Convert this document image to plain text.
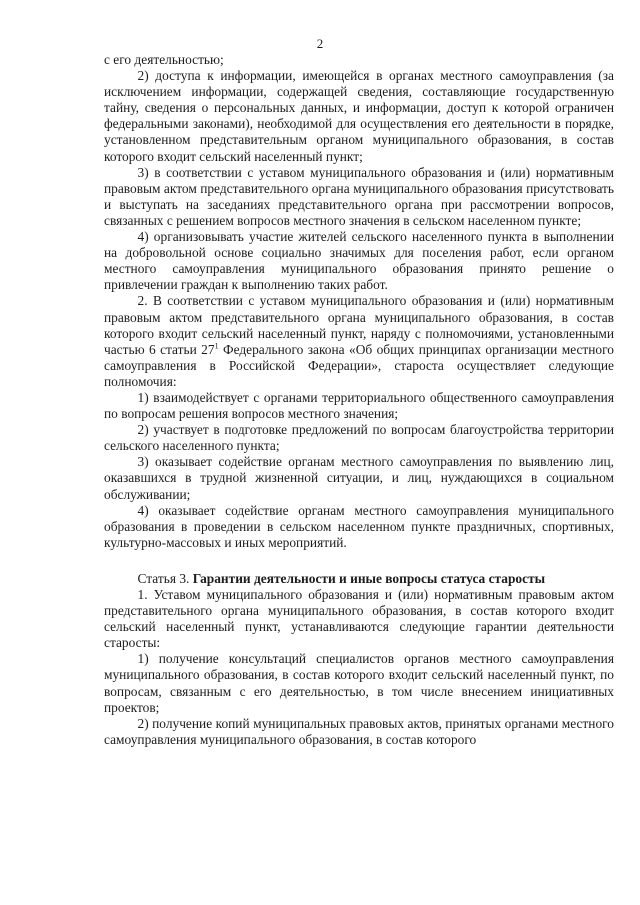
2

с его деятельностью;

2) доступа к информации, имеющейся в органах местного самоуправления (за исключением информации, содержащей сведения, составляющие государственную тайну, сведения о персональных данных, и информации, доступ к которой ограничен федеральными законами), необходимой для осуществления его деятельности в порядке, установленном представительным органом муниципального образования, в состав которого входит сельский населенный пункт;

3) в соответствии с уставом муниципального образования и (или) нормативным правовым актом представительного органа муниципального образования присутствовать и выступать на заседаниях представительного органа при рассмотрении вопросов, связанных с решением вопросов местного значения в сельском населенном пункте;

4) организовывать участие жителей сельского населенного пункта в выполнении на добровольной основе социально значимых для поселения работ, если органом местного самоуправления муниципального образования принято решение о привлечении граждан к выполнению таких работ.

2. В соответствии с уставом муниципального образования и (или) нормативным правовым актом представительного органа муниципального образования, в состав которого входит сельский населенный пункт, наряду с полномочиями, установленными частью 6 статьи $27^1$ Федерального закона «Об общих принципах организации местного самоуправления в Российской Федерации», староста осуществляет следующие полномочия:

1) взаимодействует с органами территориального общественного самоуправления по вопросам решения вопросов местного значения;

2) участвует в подготовке предложений по вопросам благоустройства территории сельского населенного пункта;

3) оказывает содействие органам местного самоуправления по выявлению лиц, оказавшихся в трудной жизненной ситуации, и лиц, нуждающихся в социальном обслуживании;

4) оказывает содействие органам местного самоуправления муниципального образования в проведении в сельском населенном пункте праздничных, спортивных, культурно-массовых и иных мероприятий.

Статья 3. Гарантии деятельности и иные вопросы статуса старосты

1. Уставом муниципального образования и (или) нормативным правовым актом представительного органа муниципального образования, в состав которого входит сельский населенный пункт, устанавливаются следующие гарантии деятельности старосты:

1) получение консультаций специалистов органов местного самоуправления муниципального образования, в состав которого входит сельский населенный пункт, по вопросам, связанным с его деятельностью, в том числе внесением инициативных проектов;

2) получение копий муниципальных правовых актов, принятых органами местного самоуправления муниципального образования, в состав которого
